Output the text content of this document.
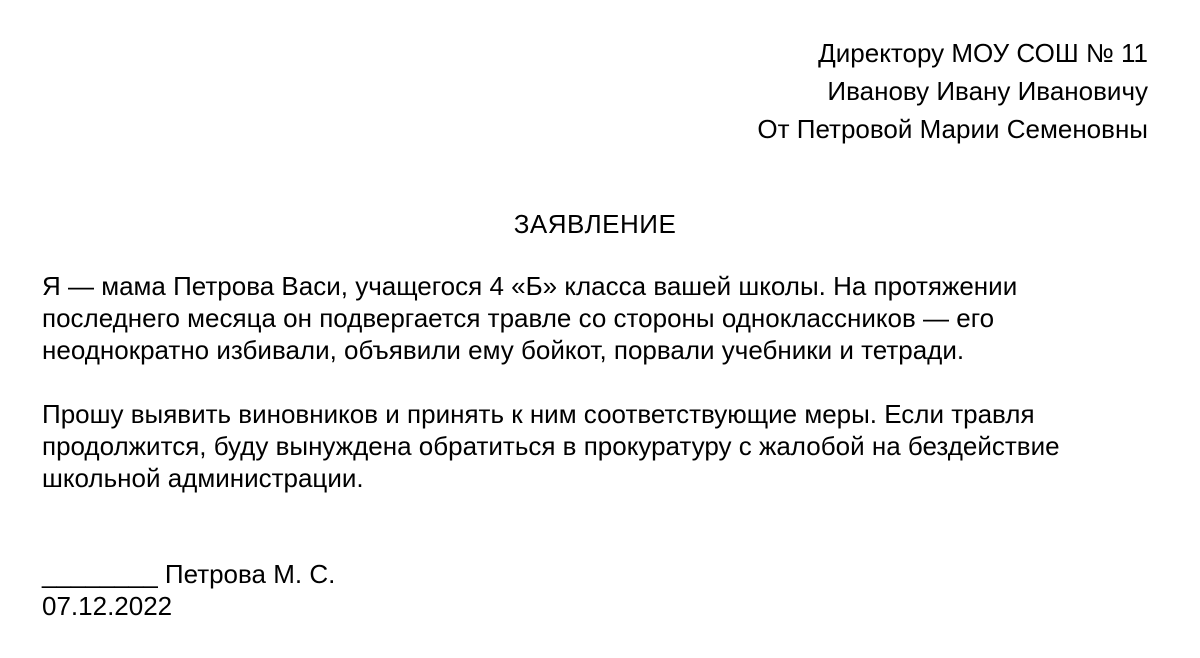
Директору МОУ СОШ № 11
Иванову Ивану Ивановичу
От Петровой Марии Семеновны
ЗАЯВЛЕНИЕ

Я — мама Петрова Васи, учащегося 4 «Б» класса вашей школы. На протяжении

последнего месяца он подвергается травле со стороны одноклассников — его

неоднократно избивали, объявили ему бойкот, порвали учебники и тетради.

Прошу выявить виновников и принять к ним соответствующие меры. Если травля

продолжится, буду вынуждена обратиться в прокуратуру с жалобой на бездействие

школьной администрации.

________ Петрова М. С.
07.12.2022
